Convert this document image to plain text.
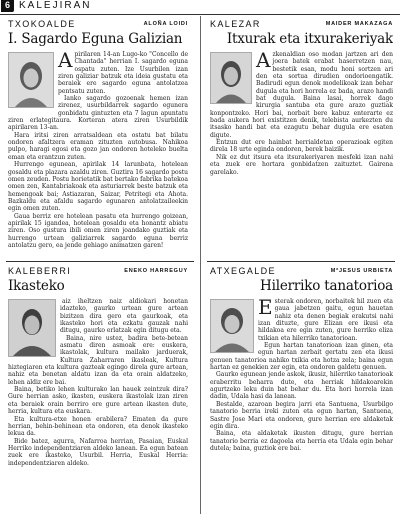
6 KALEJIRAN
TXOKOALDE	ALOÑA LOIDI
I. Sagardo Eguna Galizian
A pirilaren 14-an Lugo-ko "Concello de Chantada" herrian I. sagardo eguna ospatu zuten. Ize Usurbilen izan ziren galiziar batzuk eta ideia gustatu eta beraiek ere sagardo eguna antolatzea pentsatu zuten.

Ianko sagardo gozoenak hemen izan zirenez, usurbildarrek sagardo egunera gonbidatu gintuzten eta 7 lagun apuntatu ziren erlategitaura. Korteran atera ziren Usurbildik apirilaren 13-an.

Hara iritsi ziren arratsaldean eta ostatu bat bilatu ondoren afaltzera eraman zituzten autobusa. Nahikoa pulpo, haragi egosi eta gozo jan ondoren hoteleko buelta eman eta erantzun zuten.

Hurrengo egunean, apirilak 14 larunbata, hotelean gosaldu eta plazara azaldu ziren. Guztira 16 sagardo postu omen zeuden. Postu horietatik bat bertako fabrika batekoa omen zen, Kantabriakoak eta asturiarrek beste batzuk eta hemengoak bai; Astiazaran, Saizar, Petritegi eta Ahota. Bazkaldu eta afaldu sagardo egunaren antolatzaileekin egin omen zuten.

Gaua berriz ere hotelean pasatu eta hurrengo goizean, apirilak 15 igandea, hotelean gosaldu eta honantz abiatu ziren. Oso gustura ibili omen ziren joandako guztiak eta hurrengo urtean galiziarrek sagardo eguna berriz antolatzu gero, ea jende gehiago animatzen garen!

KALEZAR	MAIDER MAKAZAGA
Itxurak eta itxurakeriyak
A zkenaldian oso modan jartzen ari den joera batek erabat haserretzen nau, bestetik esan, modu honi sortzen ari den eta sortua dirudien ondorioengatik. Badirudi egun denok modelikoak izan behar dugula eta hori horrela ez bada, arazo handi bat dugula. Baina lasai, horrek dago kirurgia santuba eta gure arazo guztiak konpontzeko. Hori bai, norbait bere kabuz enterarte ez bada aukera hori existitzen denik, telebista aurkezten du itsasko handi bat eta ezagutu behar dugula ere esaten digute.

Entzun dut ere hainbat herrialdetan operazioak egiten direla 18 urte eginda ondoren, berek baizik.

Nik ez dut itsura eta itsurakeriyaren mesfeki izan nahi eta zuek ere hortara gonbidatzen zaituztet. Gairena garelako.

KALEBERRI	ENEKO HARREGUY
Ikasteko

aiz iheltzen naiz aldiokari honetan idazteko, gaurko urtean gure artean bizitzen dira gero eta gaurkoak, eta ikasteko hori eta ezkatu gauzak nahi ditugu, gaurko erlatzak egin ditugu eta.

Baina, nire ustez, badira bete-betean asmatu diren asmoak ere: euskera, ikastolak, kultura mailako jarduerak, Kultura Zaharraren ikasleak, Kultura hiztegiaren eta kultura gazteak egingo direla gure artean, nahiz eta benetan aldatu izan da eta orain aldatzeko, lehen aldiz ere bai.

Baina, betiko lehen kulturako lan hauek zeintzuk dira? Gure herrian asko, ikasten, euskera ikastolak izan ziren eta beraiek orain berriro ere gure artean ikasten dute, herria, kultura eta euskara.

Eta kultura-etxe honen erabilera? Ematen da gure herrian, behin-behinean eta ondoren, eta denok ikasteko lekua da.

Bide batez, agurra, Nafarroa herrian, Pasaian, Euskal Herriko independentziaren aldeko lanean. Ea egun batean zuek ere ikasteko, Usurbil. Herria, Euskal Herria: independentziaren aldeko.

ATXEGALDE	MªJESUS URBIETA
Hilerriko tanatorioa
E sterak ondoren, norbaitek hil zuen eta gaua jabetzen gaitu, egun hauetan nahiz eta denen begiak erakutsi nahi izan dituzte, gure Elizan ere ikusi eta hildakoa ere egin zuten, gure herriko eliza txikian eta hilerriko tanatorioan.

Egun hartan tanatorioan izan ginen, eta egun hartan zerbait gertatu zen eta ikusi genuen tanatorioa nahiko txikia eta hotza zela; baina egun hartan ez genekien zer egin, eta ondoren galdetu genuen.

Gaurko egunean jende askok, ikusiz, hilerriko tanatorioak eraberritu beharra dute, eta herriak hildakoarekin agurtzeko leku duin bat behar du. Eta hori horrela izan dadin, Udala hasi da lanean.

Bestalde, azaroan begira jarri eta Santuena, Usurbilgo tanatorio berria ireki zuten eta egun hartan, Santuena, Sastre Jose Mari eta ondoren, gure herrian ere aldaketak egin dira.

Baina, eta aldaketak ikusten ditugu, gure herrian tanatorio berria ez dagoela eta herria eta Udala egin behar dutela; baina, guztiok ere bai.
